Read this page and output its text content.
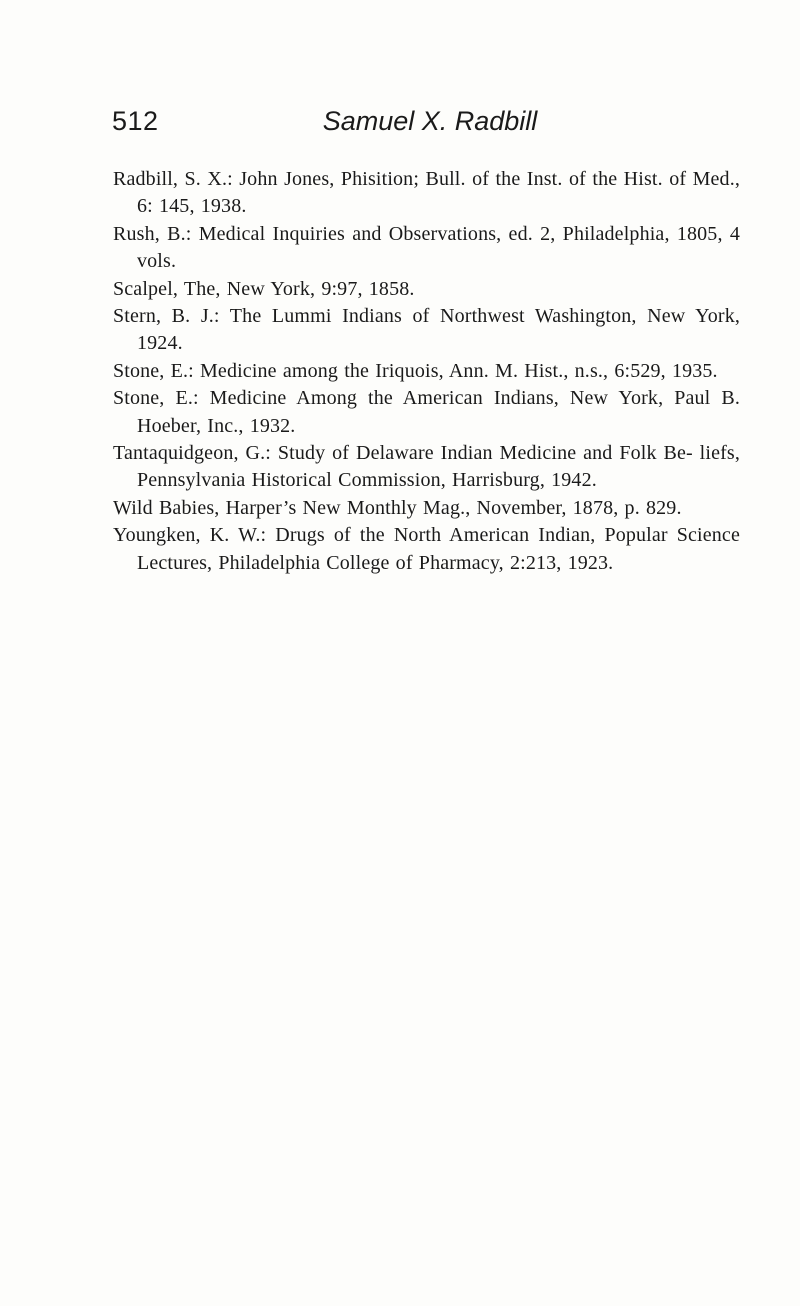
512	Samuel X. Radbill
Radbill, S. X.: John Jones, Phisition; Bull. of the Inst. of the Hist. of Med., 6: 145, 1938.
Rush, B.: Medical Inquiries and Observations, ed. 2, Philadelphia, 1805, 4 vols.
Scalpel, The, New York, 9:97, 1858.
Stern, B. J.: The Lummi Indians of Northwest Washington, New York, 1924.
Stone, E.: Medicine among the Iriquois, Ann. M. Hist., n.s., 6:529, 1935.
Stone, E.: Medicine Among the American Indians, New York, Paul B. Hoeber, Inc., 1932.
Tantaquidgeon, G.: Study of Delaware Indian Medicine and Folk Be- liefs, Pennsylvania Historical Commission, Harrisburg, 1942.
Wild Babies, Harper’s New Monthly Mag., November, 1878, p. 829.
Youngken, K. W.: Drugs of the North American Indian, Popular Science Lectures, Philadelphia College of Pharmacy, 2:213, 1923.
